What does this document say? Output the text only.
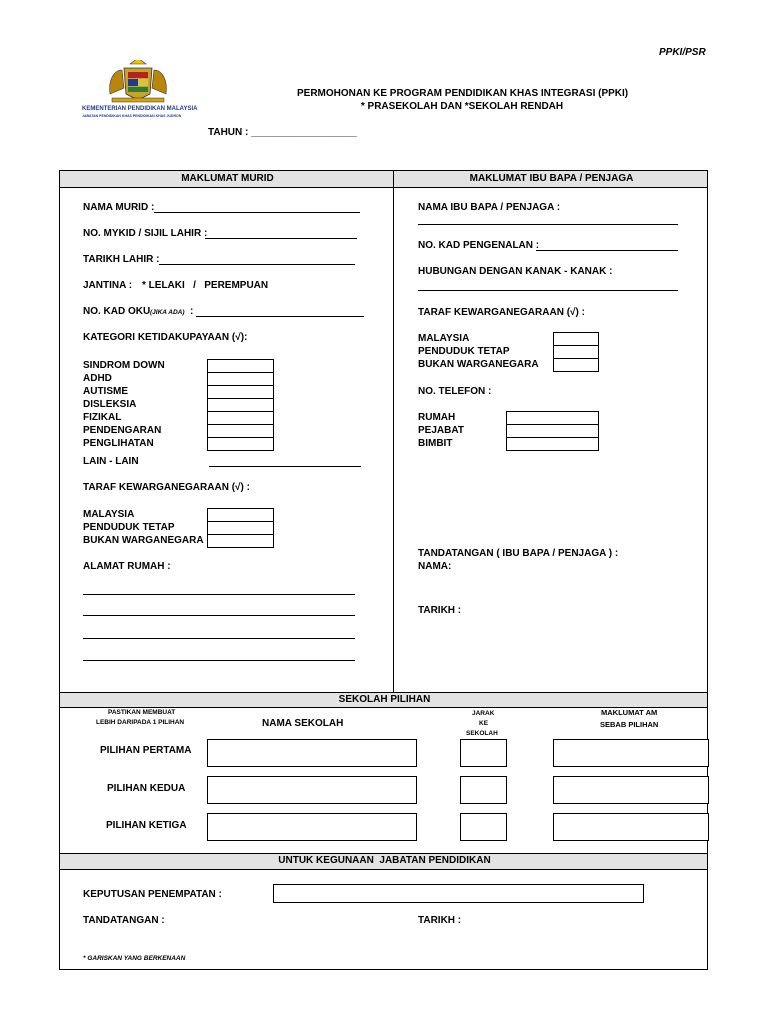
PPKI/PSR
KEMENTERIAN PENDIDIKAN MALAYSIA
JABATAN PENDIDIKAN KHAS PENDIDIKAN KHAS JUDRON
PERMOHONAN KE PROGRAM PENDIDIKAN KHAS INTEGRASI (PPKI)
* PRASEKOLAH DAN *SEKOLAH RENDAH
TAHUN : ___________________
MAKLUMAT MURID	MAKLUMAT IBU BAPA / PENJAGA
NAMA MURID :
NO. MYKID / SIJIL LAHIR :
TARIKH LAHIR :
JANTINA : * LELAKI   /   PEREMPUAN
NO. KAD OKU (JIKA ADA) :
KATEGORI KETIDAKUPAYAAN (√):
SINDROM DOWN
ADHD
AUTISME
DISLEKSIA
FIZIKAL
PENDENGARAN
PENGLIHATAN
LAIN - LAIN
TARAF KEWARGANEGARAAN (√) :
MALAYSIA
PENDUDUK TETAP
BUKAN WARGANEGARA
ALAMAT RUMAH :
NAMA IBU BAPA / PENJAGA :
NO. KAD PENGENALAN :
HUBUNGAN DENGAN KANAK - KANAK :
TARAF KEWARGANEGARAAN (√) :
MALAYSIA
PENDUDUK TETAP
BUKAN WARGANEGARA
NO. TELEFON :
RUMAH
PEJABAT
BIMBIT
TANDATANGAN ( IBU BAPA / PENJAGA ) :
NAMA:
TARIKH :
SEKOLAH PILIHAN
PASTIKAN MEMBUAT
LEBIH DARIPADA 1 PILIHAN	NAMA SEKOLAH
JARAK
KE
SEKOLAH
MAKLUMAT AM
SEBAB PILIHAN
PILIHAN PERTAMA
PILIHAN KEDUA
PILIHAN KETIGA
UNTUK KEGUNAAN  JABATAN PENDIDIKAN
KEPUTUSAN PENEMPATAN :
TANDATANGAN :	TARIKH :
* GARISKAN YANG BERKENAAN
